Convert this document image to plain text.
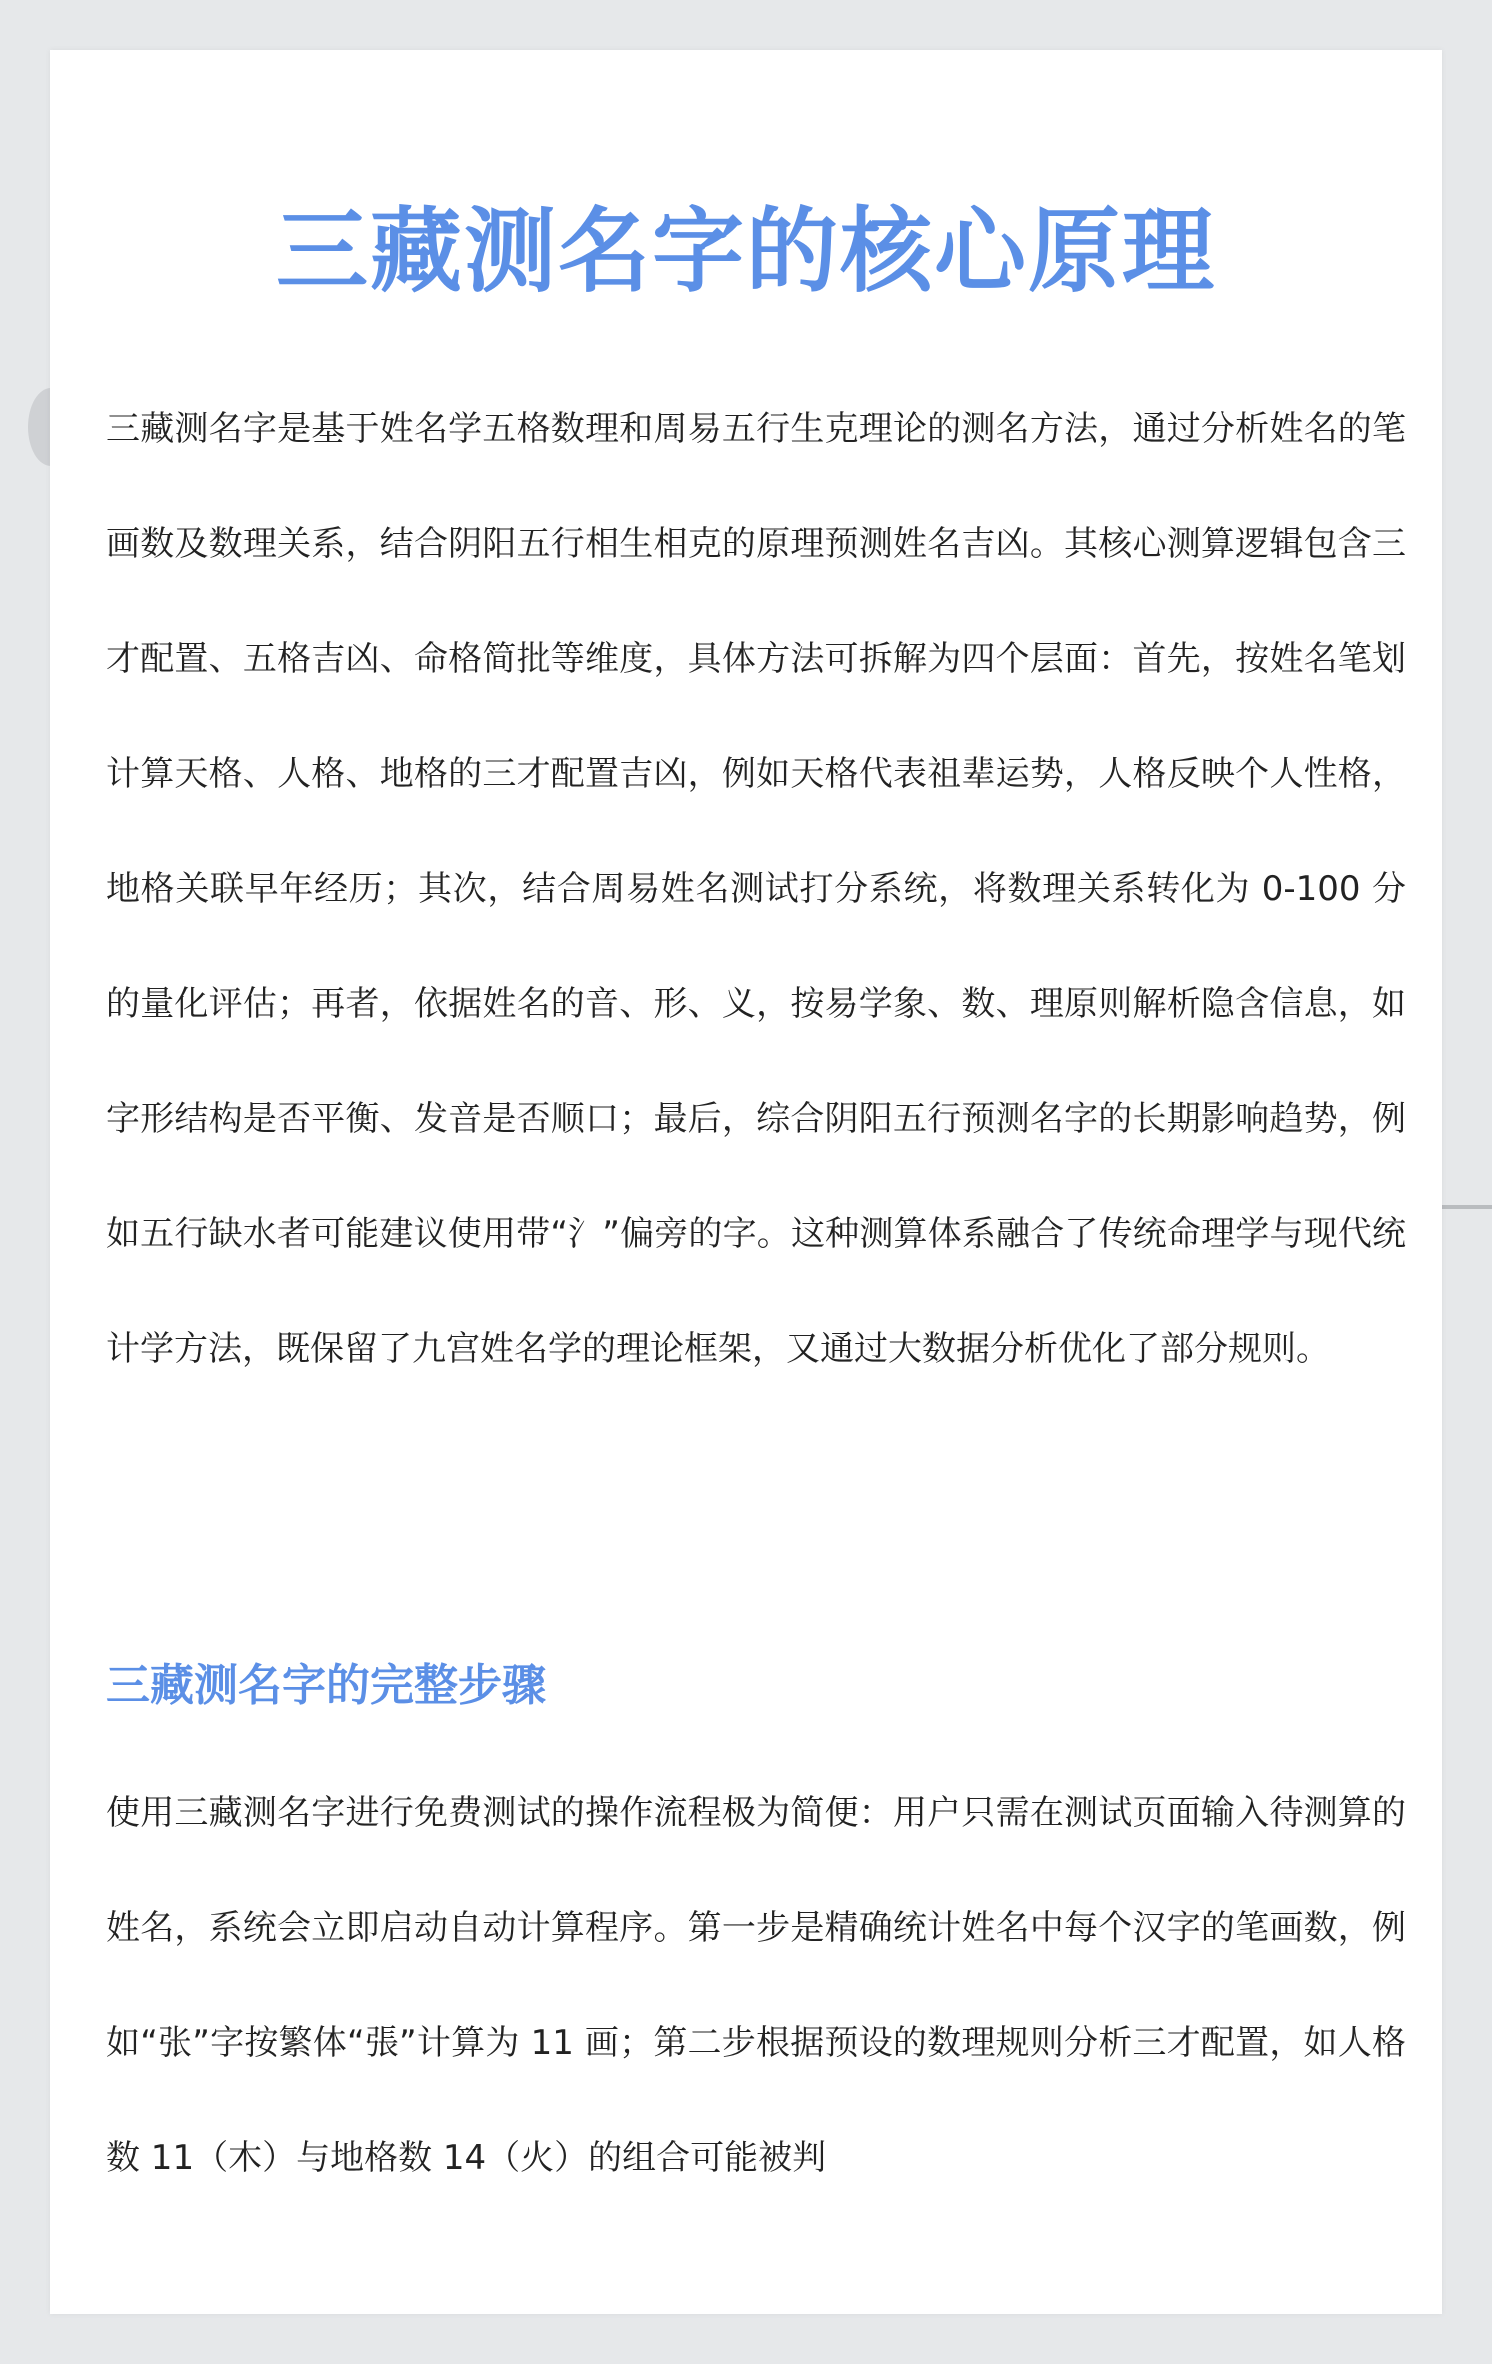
三藏测名字的核心原理

三藏测名字是基于姓名学五格数理和周易五行生克理论的测名方法，通过分析姓名的笔画数及数理关系，结合阴阳五行相生相克的原理预测姓名吉凶。其核心测算逻辑包含三才配置、五格吉凶、命格简批等维度，具体方法可拆解为四个层面：首先，按姓名笔划计算天格、人格、地格的三才配置吉凶，例如天格代表祖辈运势，人格反映个人性格，地格关联早年经历；其次，结合周易姓名测试打分系统，将数理关系转化为 0-100 分的量化评估；再者，依据姓名的音、形、义，按易学象、数、理原则解析隐含信息，如字形结构是否平衡、发音是否顺口；最后，综合阴阳五行预测名字的长期影响趋势，例如五行缺水者可能建议使用带“氵”偏旁的字。这种测算体系融合了传统命理学与现代统计学方法，既保留了九宫姓名学的理论框架，又通过大数据分析优化了部分规则。

三藏测名字的完整步骤

使用三藏测名字进行免费测试的操作流程极为简便：用户只需在测试页面输入待测算的姓名，系统会立即启动自动计算程序。第一步是精确统计姓名中每个汉字的笔画数，例如“张”字按繁体“張”计算为 11 画；第二步根据预设的数理规则分析三才配置，如人格数 11（木）与地格数 14（火）的组合可能被判
